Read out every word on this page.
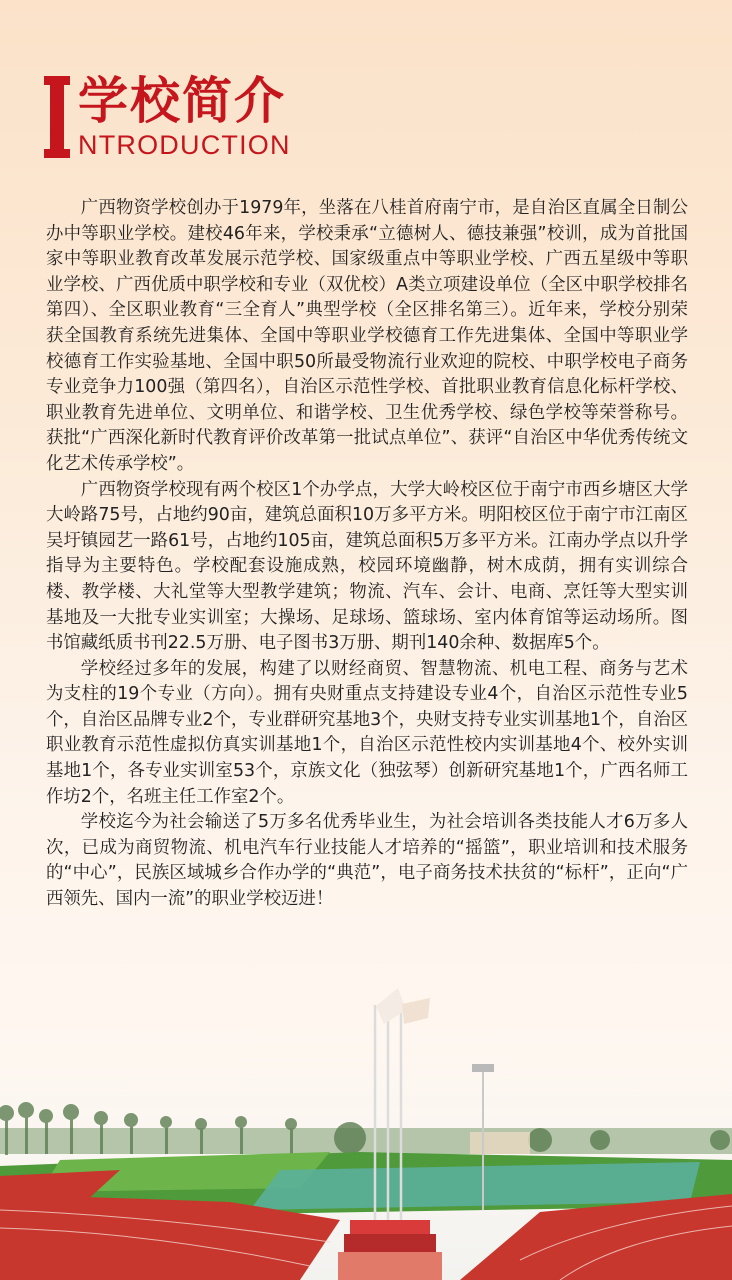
学校简介
NTRODUCTION

广西物资学校创办于1979年，坐落在八桂首府南宁市，是自治区直属全日制公办中等职业学校。建校46年来，学校秉承“立德树人、德技兼强”校训，成为首批国家中等职业教育改革发展示范学校、国家级重点中等职业学校、广西五星级中等职业学校、广西优质中职学校和专业（双优校）A类立项建设单位（全区中职学校排名第四）、全区职业教育“三全育人”典型学校（全区排名第三）。近年来，学校分别荣获全国教育系统先进集体、全国中等职业学校德育工作先进集体、全国中等职业学校德育工作实验基地、全国中职50所最受物流行业欢迎的院校、中职学校电子商务专业竞争力100强（第四名），自治区示范性学校、首批职业教育信息化标杆学校、职业教育先进单位、文明单位、和谐学校、卫生优秀学校、绿色学校等荣誉称号。获批“广西深化新时代教育评价改革第一批试点单位”、获评“自治区中华优秀传统文化艺术传承学校”。

广西物资学校现有两个校区1个办学点，大学大岭校区位于南宁市西乡塘区大学大岭路75号，占地约90亩，建筑总面积10万多平方米。明阳校区位于南宁市江南区吴圩镇园艺一路61号，占地约105亩，建筑总面积5万多平方米。江南办学点以升学指导为主要特色。学校配套设施成熟，校园环境幽静，树木成荫，拥有实训综合楼、教学楼、大礼堂等大型教学建筑；物流、汽车、会计、电商、烹饪等大型实训基地及一大批专业实训室；大操场、足球场、篮球场、室内体育馆等运动场所。图书馆藏纸质书刊22.5万册、电子图书3万册、期刊140余种、数据库5个。

学校经过多年的发展，构建了以财经商贸、智慧物流、机电工程、商务与艺术为支柱的19个专业（方向）。拥有央财重点支持建设专业4个，自治区示范性专业5个，自治区品牌专业2个，专业群研究基地3个，央财支持专业实训基地1个，自治区职业教育示范性虚拟仿真实训基地1个，自治区示范性校内实训基地4个、校外实训基地1个，各专业实训室53个，京族文化（独弦琴）创新研究基地1个，广西名师工作坊2个，名班主任工作室2个。

学校迄今为社会输送了5万多名优秀毕业生，为社会培训各类技能人才6万多人次，已成为商贸物流、机电汽车行业技能人才培养的“摇篮”，职业培训和技术服务的“中心”，民族区域城乡合作办学的“典范”，电子商务技术扶贫的“标杆”，正向“广西领先、国内一流”的职业学校迈进！
